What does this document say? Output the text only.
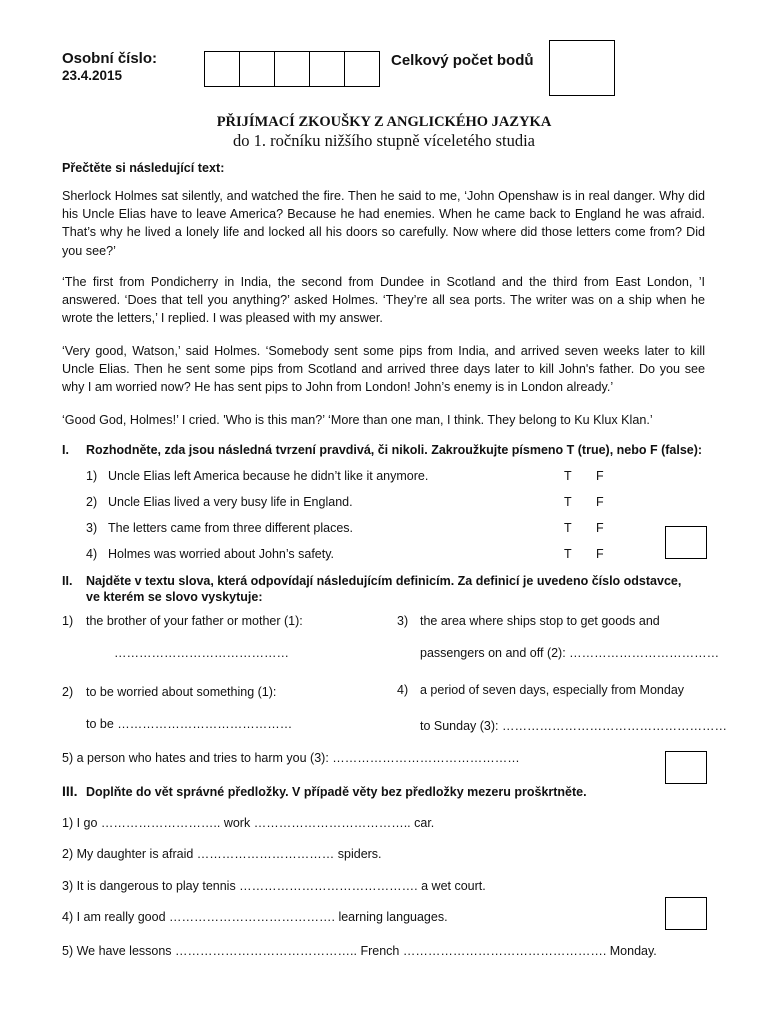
Osobní číslo:
23.4.2015
Celkový počet bodů
PŘIJÍMACÍ ZKOUŠKY Z ANGLICKÉHO JAZYKA
do 1. ročníku nižšího stupně víceletého studia
Přečtěte si následující text:
Sherlock Holmes sat silently, and watched the fire. Then he said to me, ‘John Openshaw is in real danger. Why did his Uncle Elias have to leave America? Because he had enemies. When he came back to England he was afraid. That’s why he lived a lonely life and locked all his doors so carefully. Now where did those letters come from? Did you see?’
‘The first from Pondicherry in India, the second from Dundee in Scotland and the third from East London, ’I answered. ‘Does that tell you anything?’ asked Holmes. ‘They’re all sea ports. The writer was on a ship when he wrote the letters,’ I replied. I was pleased with my answer.
‘Very good, Watson,’ said Holmes. ‘Somebody sent some pips from India, and arrived seven weeks later to kill Uncle Elias. Then he sent some pips from Scotland and arrived three days later to kill John's father. Do you see why I am worried now? He has sent pips to John from London! John’s enemy is in London already.’
‘Good God, Holmes!’ I cried. 'Who is this man?’ ‘More than one man, I think. They belong to Ku Klux Klan.’
I. Rozhodněte, zda jsou následná tvrzení pravdivá, či nikoli. Zakroužkujte písmeno T (true), nebo F (false):
1) Uncle Elias left America because he didn’t like it anymore.	T F
2) Uncle Elias lived a very busy life in England.	T F
3) The letters came from three different places.	T F
4) Holmes was worried about John’s safety.	T F
II. Najděte v textu slova, která odpovídají následujícím definicím. Za definicí je uvedeno číslo odstavce,
ve kterém se slovo vyskytuje:
1) the brother of your father or mother (1):
……………………………………
3) the area where ships stop to get goods and
passengers on and off (2): ………………………………
2) to be worried about something (1):
to be ……………………………………
4) a period of seven days, especially from Monday
to Sunday (3): ………………………………………………
5) a person who hates and tries to harm you (3): ………………………………………
III. Doplňte do vět správné předložky. V případě věty bez předložky mezeru proškrtněte.
1) I go ……………………….. work ……………………………….. car.
2) My daughter is afraid …………………………… spiders.
3) It is dangerous to play tennis ……………………………………. a wet court.
4) I am really good …………………………………. learning languages.
5) We have lessons …………………………………….. French …………………………………………. Monday.
